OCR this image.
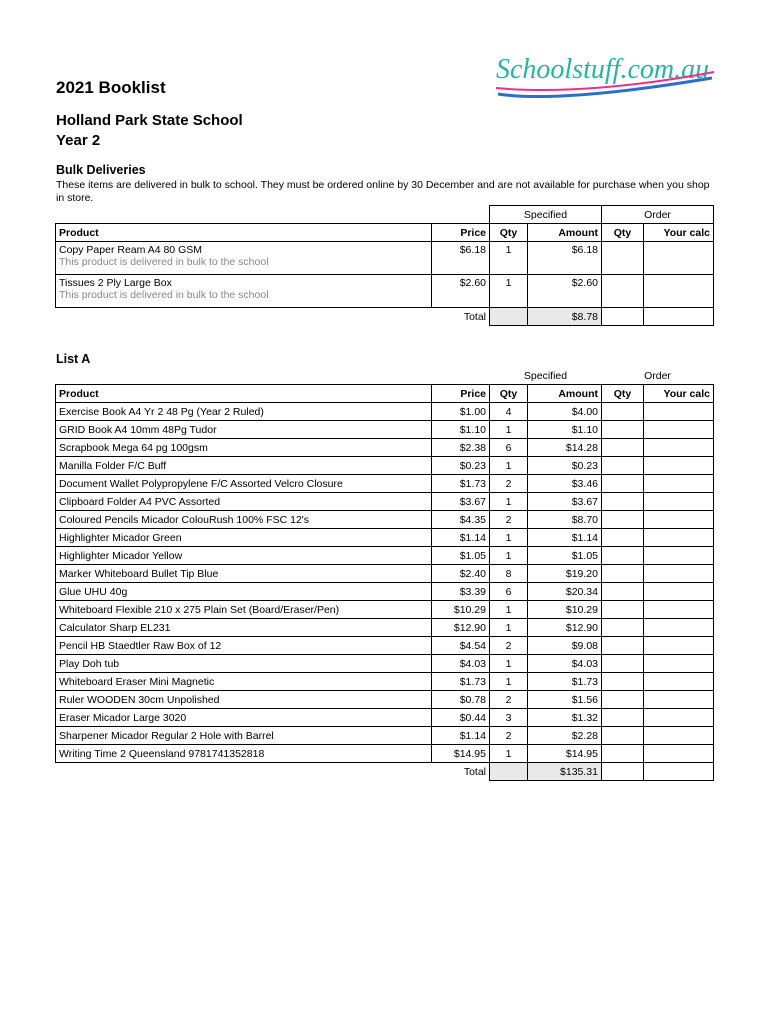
Schoolstuff.com.au
2021 Booklist
Holland Park State School
Year 2
Bulk Deliveries
These items are delivered in bulk to school. They must be ordered online by 30 December and are not available for purchase when you shop in store.
		Specified		Order	
Product	Price	Qty	Amount	Qty	Your calc

Copy Paper Ream A4 80 GSM
This product is delivered in bulk to the school	$6.18	1	$6.18		

Tissues 2 Ply Large Box
This product is delivered in bulk to the school	$2.60	1	$2.60		
	Total		$8.78		
List A
		Specified		Order	
Product	Price	Qty	Amount	Qty	Your calc
Exercise Book A4 Yr 2 48 Pg (Year 2 Ruled)	$1.00	4	$4.00		
GRID Book A4 10mm 48Pg Tudor	$1.10	1	$1.10		
Scrapbook Mega 64 pg 100gsm	$2.38	6	$14.28		
Manilla Folder F/C Buff	$0.23	1	$0.23		
Document Wallet Polypropylene F/C Assorted Velcro Closure	$1.73	2	$3.46		
Clipboard Folder A4 PVC Assorted	$3.67	1	$3.67		
Coloured Pencils Micador ColouRush 100% FSC 12's	$4.35	2	$8.70		
Highlighter Micador Green	$1.14	1	$1.14		
Highlighter Micador Yellow	$1.05	1	$1.05		
Marker Whiteboard Bullet Tip Blue	$2.40	8	$19.20		
Glue UHU 40g	$3.39	6	$20.34		
Whiteboard Flexible 210 x 275 Plain Set (Board/Eraser/Pen)	$10.29	1	$10.29		
Calculator Sharp EL231	$12.90	1	$12.90		
Pencil HB Staedtler Raw Box of 12	$4.54	2	$9.08		
Play Doh tub	$4.03	1	$4.03		
Whiteboard Eraser Mini Magnetic	$1.73	1	$1.73		
Ruler WOODEN 30cm Unpolished	$0.78	2	$1.56		
Eraser Micador Large 3020	$0.44	3	$1.32		
Sharpener Micador Regular 2 Hole with Barrel	$1.14	2	$2.28		
Writing Time 2 Queensland 9781741352818	$14.95	1	$14.95		
	Total		$135.31		
